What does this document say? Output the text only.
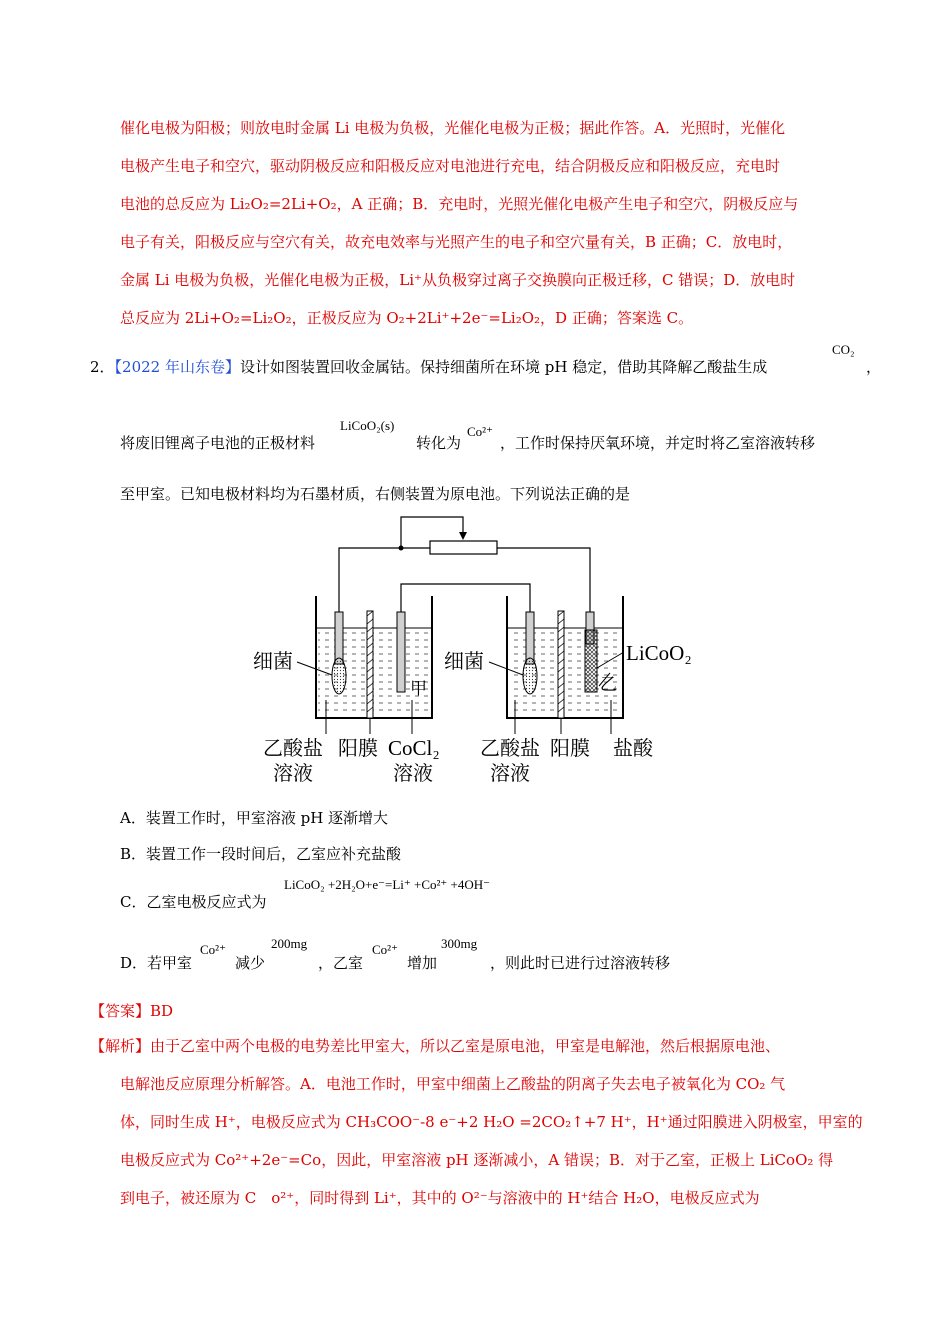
催化电极为阳极；则放电时金属 Li 电极为负极，光催化电极为正极；据此作答。A．光照时，光催化
电极产生电子和空穴，驱动阴极反应和阳极反应对电池进行充电，结合阴极反应和阳极反应，充电时
电池的总反应为 Li₂O₂=2Li+O₂，A 正确；B．充电时，光照光催化电极产生电子和空穴，阴极反应与
电子有关，阳极反应与空穴有关，故充电效率与光照产生的电子和空穴量有关，B 正确；C．放电时，
金属 Li 电极为负极，光催化电极为正极，Li⁺从负极穿过离子交换膜向正极迁移，C 错误；D．放电时
总反应为 2Li+O₂=Li₂O₂，正极反应为 O₂+2Li⁺+2e⁻=Li₂O₂，D 正确；答案选 C。
2．【2022 年山东卷】设计如图装置回收金属钴。保持细菌所在环境 pH 稳定，借助其降解乙酸盐生成
CO₂
，
将废旧锂离子电池的正极材料
LiCoO₂(s)
转化为
Co²⁺
，工作时保持厌氧环境，并定时将乙室溶液转移
至甲室。已知电极材料均为石墨材质，右侧装置为原电池。下列说法正确的是
细菌	细菌
甲	乙
LiCoO₂
乙酸盐
溶液
阳膜 CoCl₂
溶液
乙酸盐
溶液
阳膜 盐酸
A．装置工作时，甲室溶液 pH 逐渐增大
B．装置工作一段时间后，乙室应补充盐酸
C．乙室电极反应式为
LiCoO₂ +2H₂O+e⁻=Li⁺ +Co²⁺ +4OH⁻
D．若甲室
Co²⁺
减少
200mg
，乙室
Co²⁺
增加
300mg
，则此时已进行过溶液转移
【答案】BD
【解析】由于乙室中两个电极的电势差比甲室大，所以乙室是原电池，甲室是电解池，然后根据原电池、
电解池反应原理分析解答。A．电池工作时，甲室中细菌上乙酸盐的阴离子失去电子被氧化为 CO₂ 气
体，同时生成 H⁺，电极反应式为 CH₃COO⁻-8 e⁻+2 H₂O =2CO₂↑+7 H⁺，H⁺通过阳膜进入阴极室，甲室的
电极反应式为 Co²⁺+2e⁻=Co，因此，甲室溶液 pH 逐渐减小，A 错误；B．对于乙室，正极上 LiCoO₂ 得
到电子，被还原为 C　o²⁺，同时得到 Li⁺，其中的 O²⁻与溶液中的 H⁺结合 H₂O，电极反应式为
